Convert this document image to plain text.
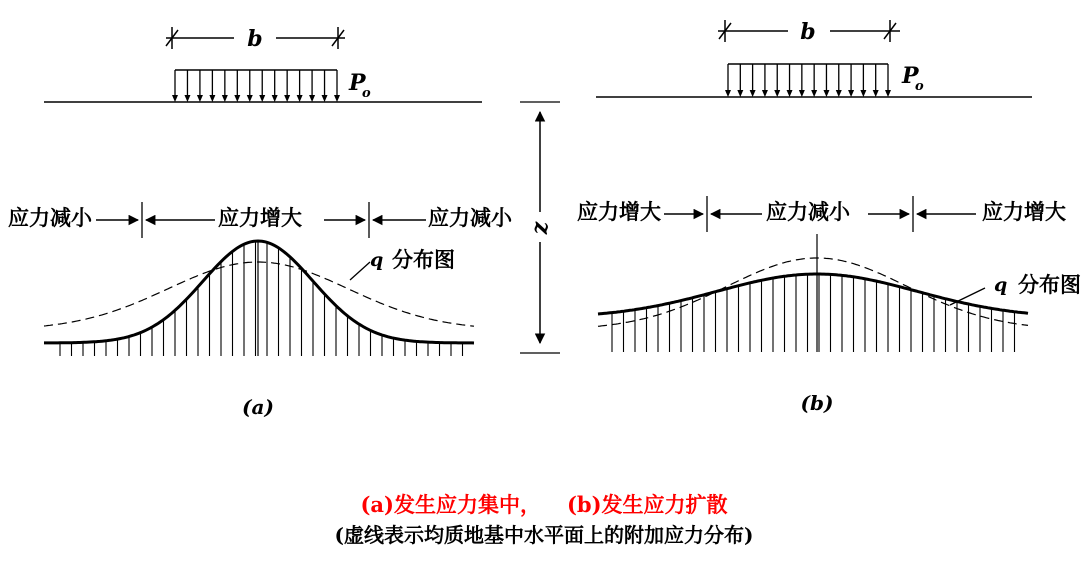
b
P
o
应力减小	应力增大	应力减小
q 分布图
(a)
z
b
P
o
应力增大	应力减小	应力增大
q 分布图
(b)
(a)发生应力集中， (b)发生应力扩散
(虚线表示均质地基中水平面上的附加应力分布)
